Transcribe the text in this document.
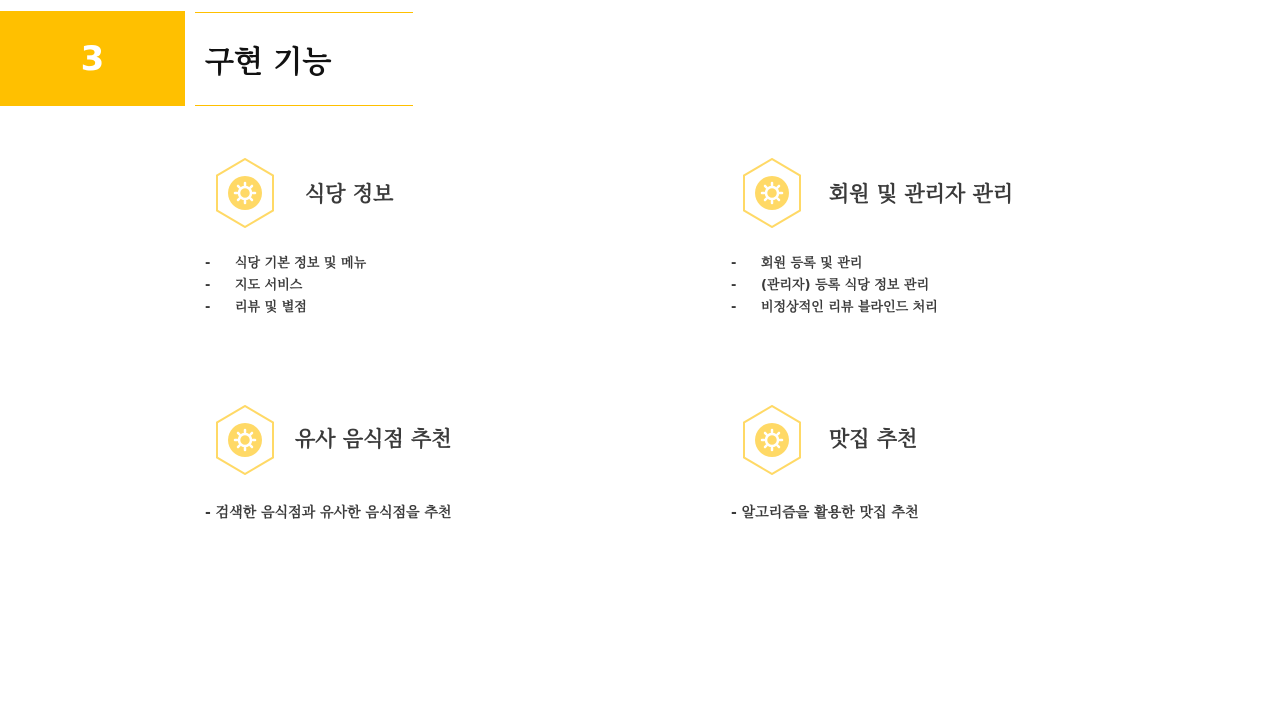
3	구현 기능
식당 정보
-	식당 기본 정보 및 메뉴
-	지도 서비스
-	리뷰 및 별점
회원 및 관리자 관리
-	회원 등록 및 관리
-	(관리자) 등록 식당 정보 관리
-	비정상적인 리뷰 블라인드 처리
유사 음식점 추천
- 검색한 음식점과 유사한 음식점을 추천
맛집 추천
- 알고리즘을 활용한 맛집 추천
